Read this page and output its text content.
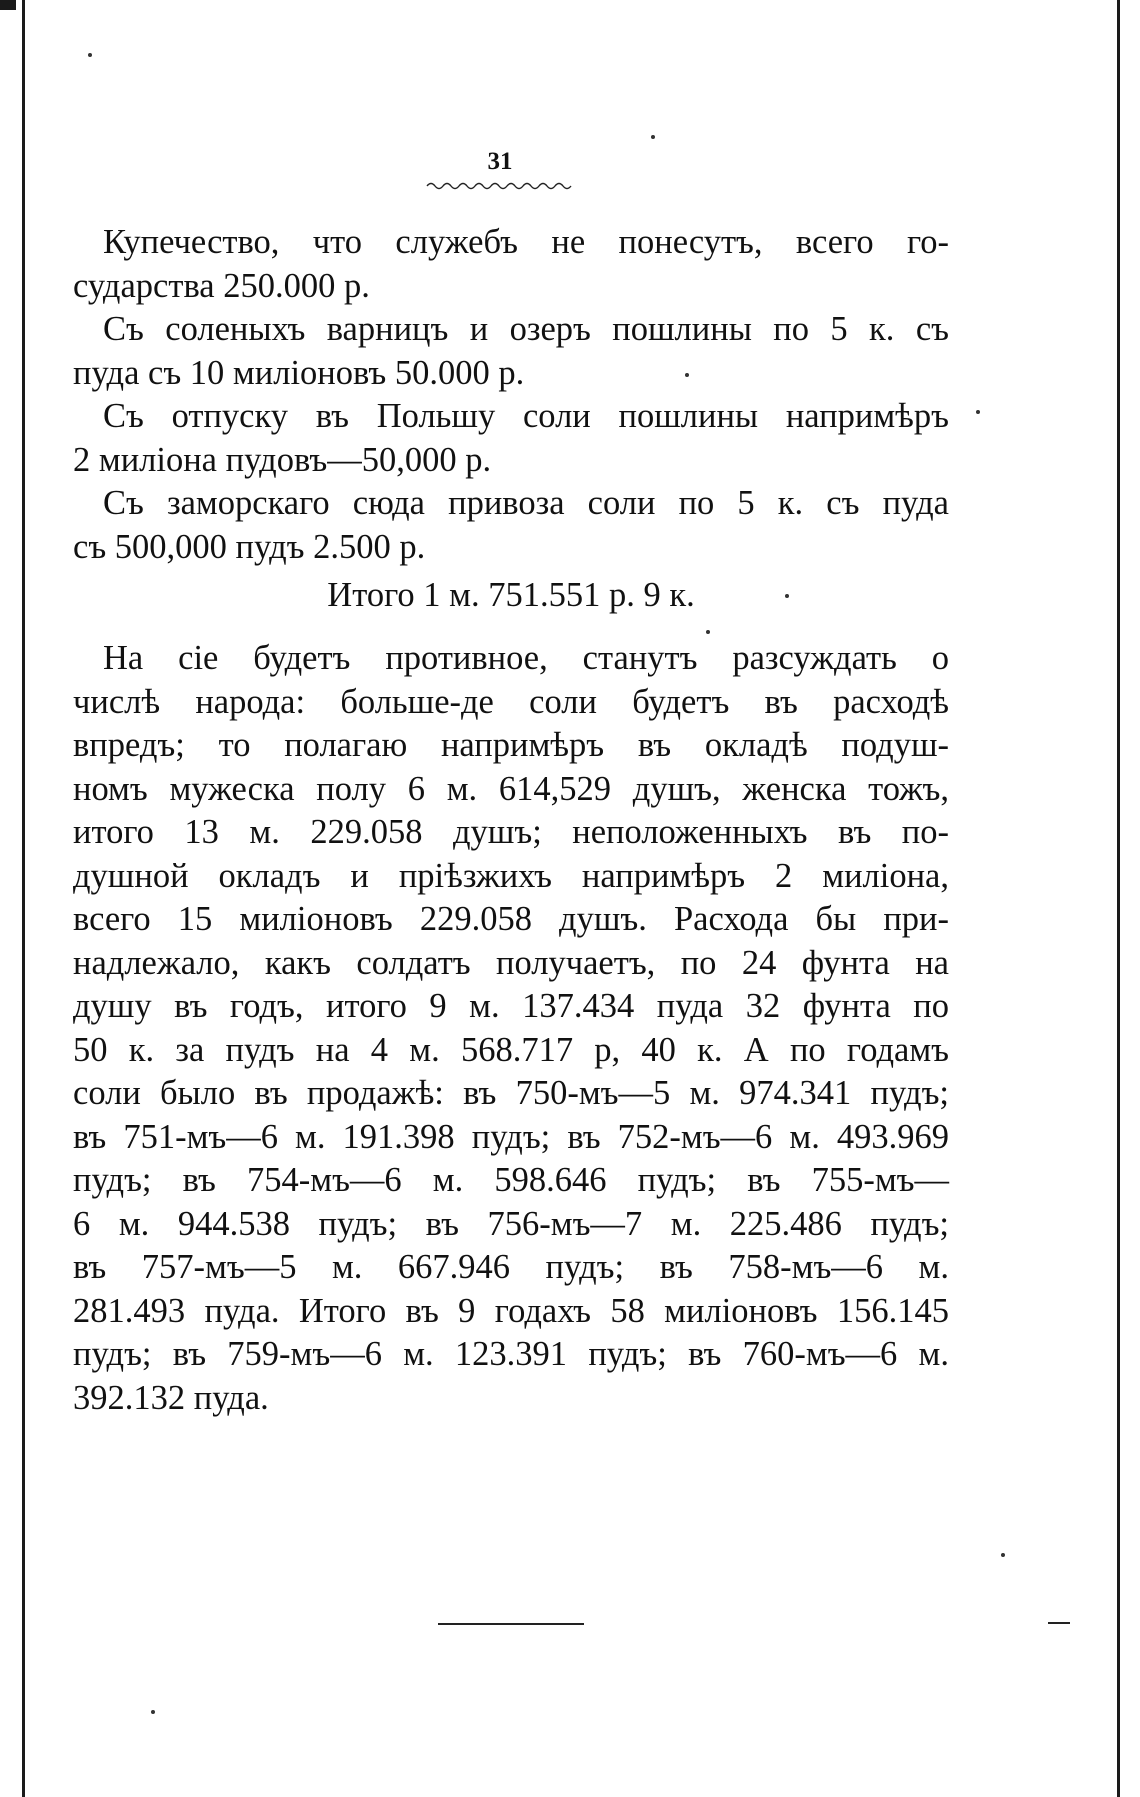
31
Купечество, что служебъ не понесутъ, всего го-
сударства 250.000 р.
Съ соленыхъ варницъ и озеръ пошлины по 5 к. съ
пуда съ 10 милiоновъ 50.000 р.
Съ отпуску въ Польшу соли пошлины напримѣръ
2 милiона пудовъ—50,000 р.
Съ заморскаго сюда привоза соли по 5 к. съ пуда
съ 500,000 пудъ 2.500 р.
Итого 1 м. 751.551 р. 9 к.
На сiе будетъ противное, станутъ разсуждать о
числѣ народа: больше-де соли будетъ въ расходѣ
впредъ; то полагаю напримѣръ въ окладѣ подуш-
номъ мужеска полу 6 м. 614,529 душъ, женска тожъ,
итого 13 м. 229.058 душъ; неположенныхъ въ по-
душной окладъ и прiѣзжихъ напримѣръ 2 милiона,
всего 15 милiоновъ 229.058 душъ. Расхода бы при-
надлежало, какъ солдатъ получаетъ, по 24 фунта на
душу въ годъ, итого 9 м. 137.434 пуда 32 фунта по
50 к. за пудъ на 4 м. 568.717 р, 40 к. А по годамъ
соли было въ продажѣ: въ 750-мъ—5 м. 974.341 пудъ;
въ 751-мъ—6 м. 191.398 пудъ; въ 752-мъ—6 м. 493.969
пудъ; въ 754-мъ—6 м. 598.646 пудъ; въ 755-мъ—
6 м. 944.538 пудъ; въ 756-мъ—7 м. 225.486 пудъ;
въ 757-мъ—5 м. 667.946 пудъ; въ 758-мъ—6 м.
281.493 пуда. Итого въ 9 годахъ 58 милiоновъ 156.145
пудъ; въ 759-мъ—6 м. 123.391 пудъ; въ 760-мъ—6 м.
392.132 пуда.
